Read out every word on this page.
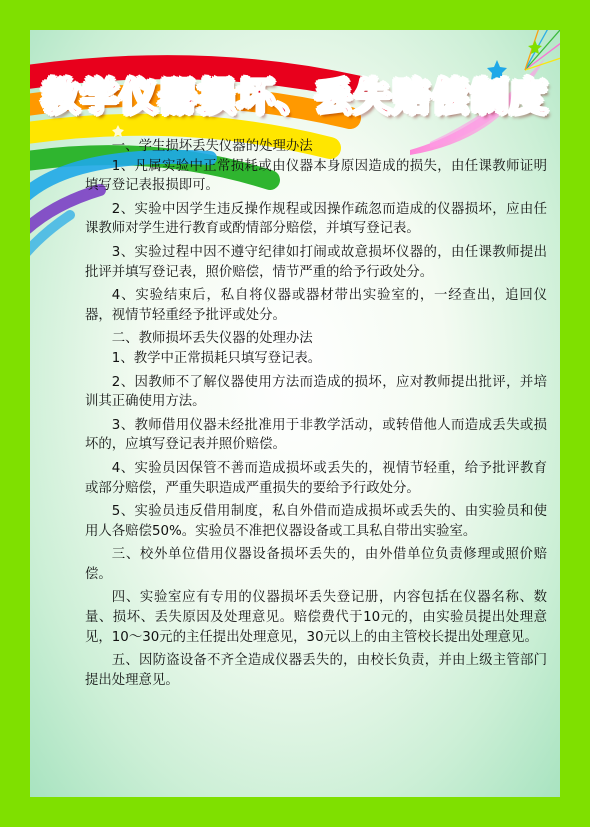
教学仪器损坏、丢失赔偿制度

一、学生损坏丢失仪器的处理办法

1、凡属实验中正常损耗或由仪器本身原因造成的损失，由任课教师证明填写登记表报损即可。

2、实验中因学生违反操作规程或因操作疏忽而造成的仪器损坏，应由任课教师对学生进行教育或酌情部分赔偿，并填写登记表。

3、实验过程中因不遵守纪律如打闹或故意损坏仪器的，由任课教师提出批评并填写登记表，照价赔偿，情节严重的给予行政处分。

4、实验结束后，私自将仪器或器材带出实验室的，一经查出，追回仪器，视情节轻重经予批评或处分。

二、教师损坏丢失仪器的处理办法

1、教学中正常损耗只填写登记表。

2、因教师不了解仪器使用方法而造成的损坏，应对教师提出批评，并培训其正确使用方法。

3、教师借用仪器未经批准用于非教学活动，或转借他人而造成丢失或损坏的，应填写登记表并照价赔偿。

4、实验员因保管不善而造成损坏或丢失的，视情节轻重，给予批评教育或部分赔偿，严重失职造成严重损失的要给予行政处分。

5、实验员违反借用制度，私自外借而造成损坏或丢失的、由实验员和使用人各赔偿50%。实验员不准把仪器设备或工具私自带出实验室。

三、校外单位借用仪器设备损坏丢失的，由外借单位负责修理或照价赔偿。

四、实验室应有专用的仪器损坏丢失登记册，内容包括在仪器名称、数量、损坏、丢失原因及处理意见。赔偿费代于10元的，由实验员提出处理意见，10～30元的主任提出处理意见，30元以上的由主管校长提出处理意见。

五、因防盗设备不齐全造成仪器丢失的，由校长负责，并由上级主管部门提出处理意见。
